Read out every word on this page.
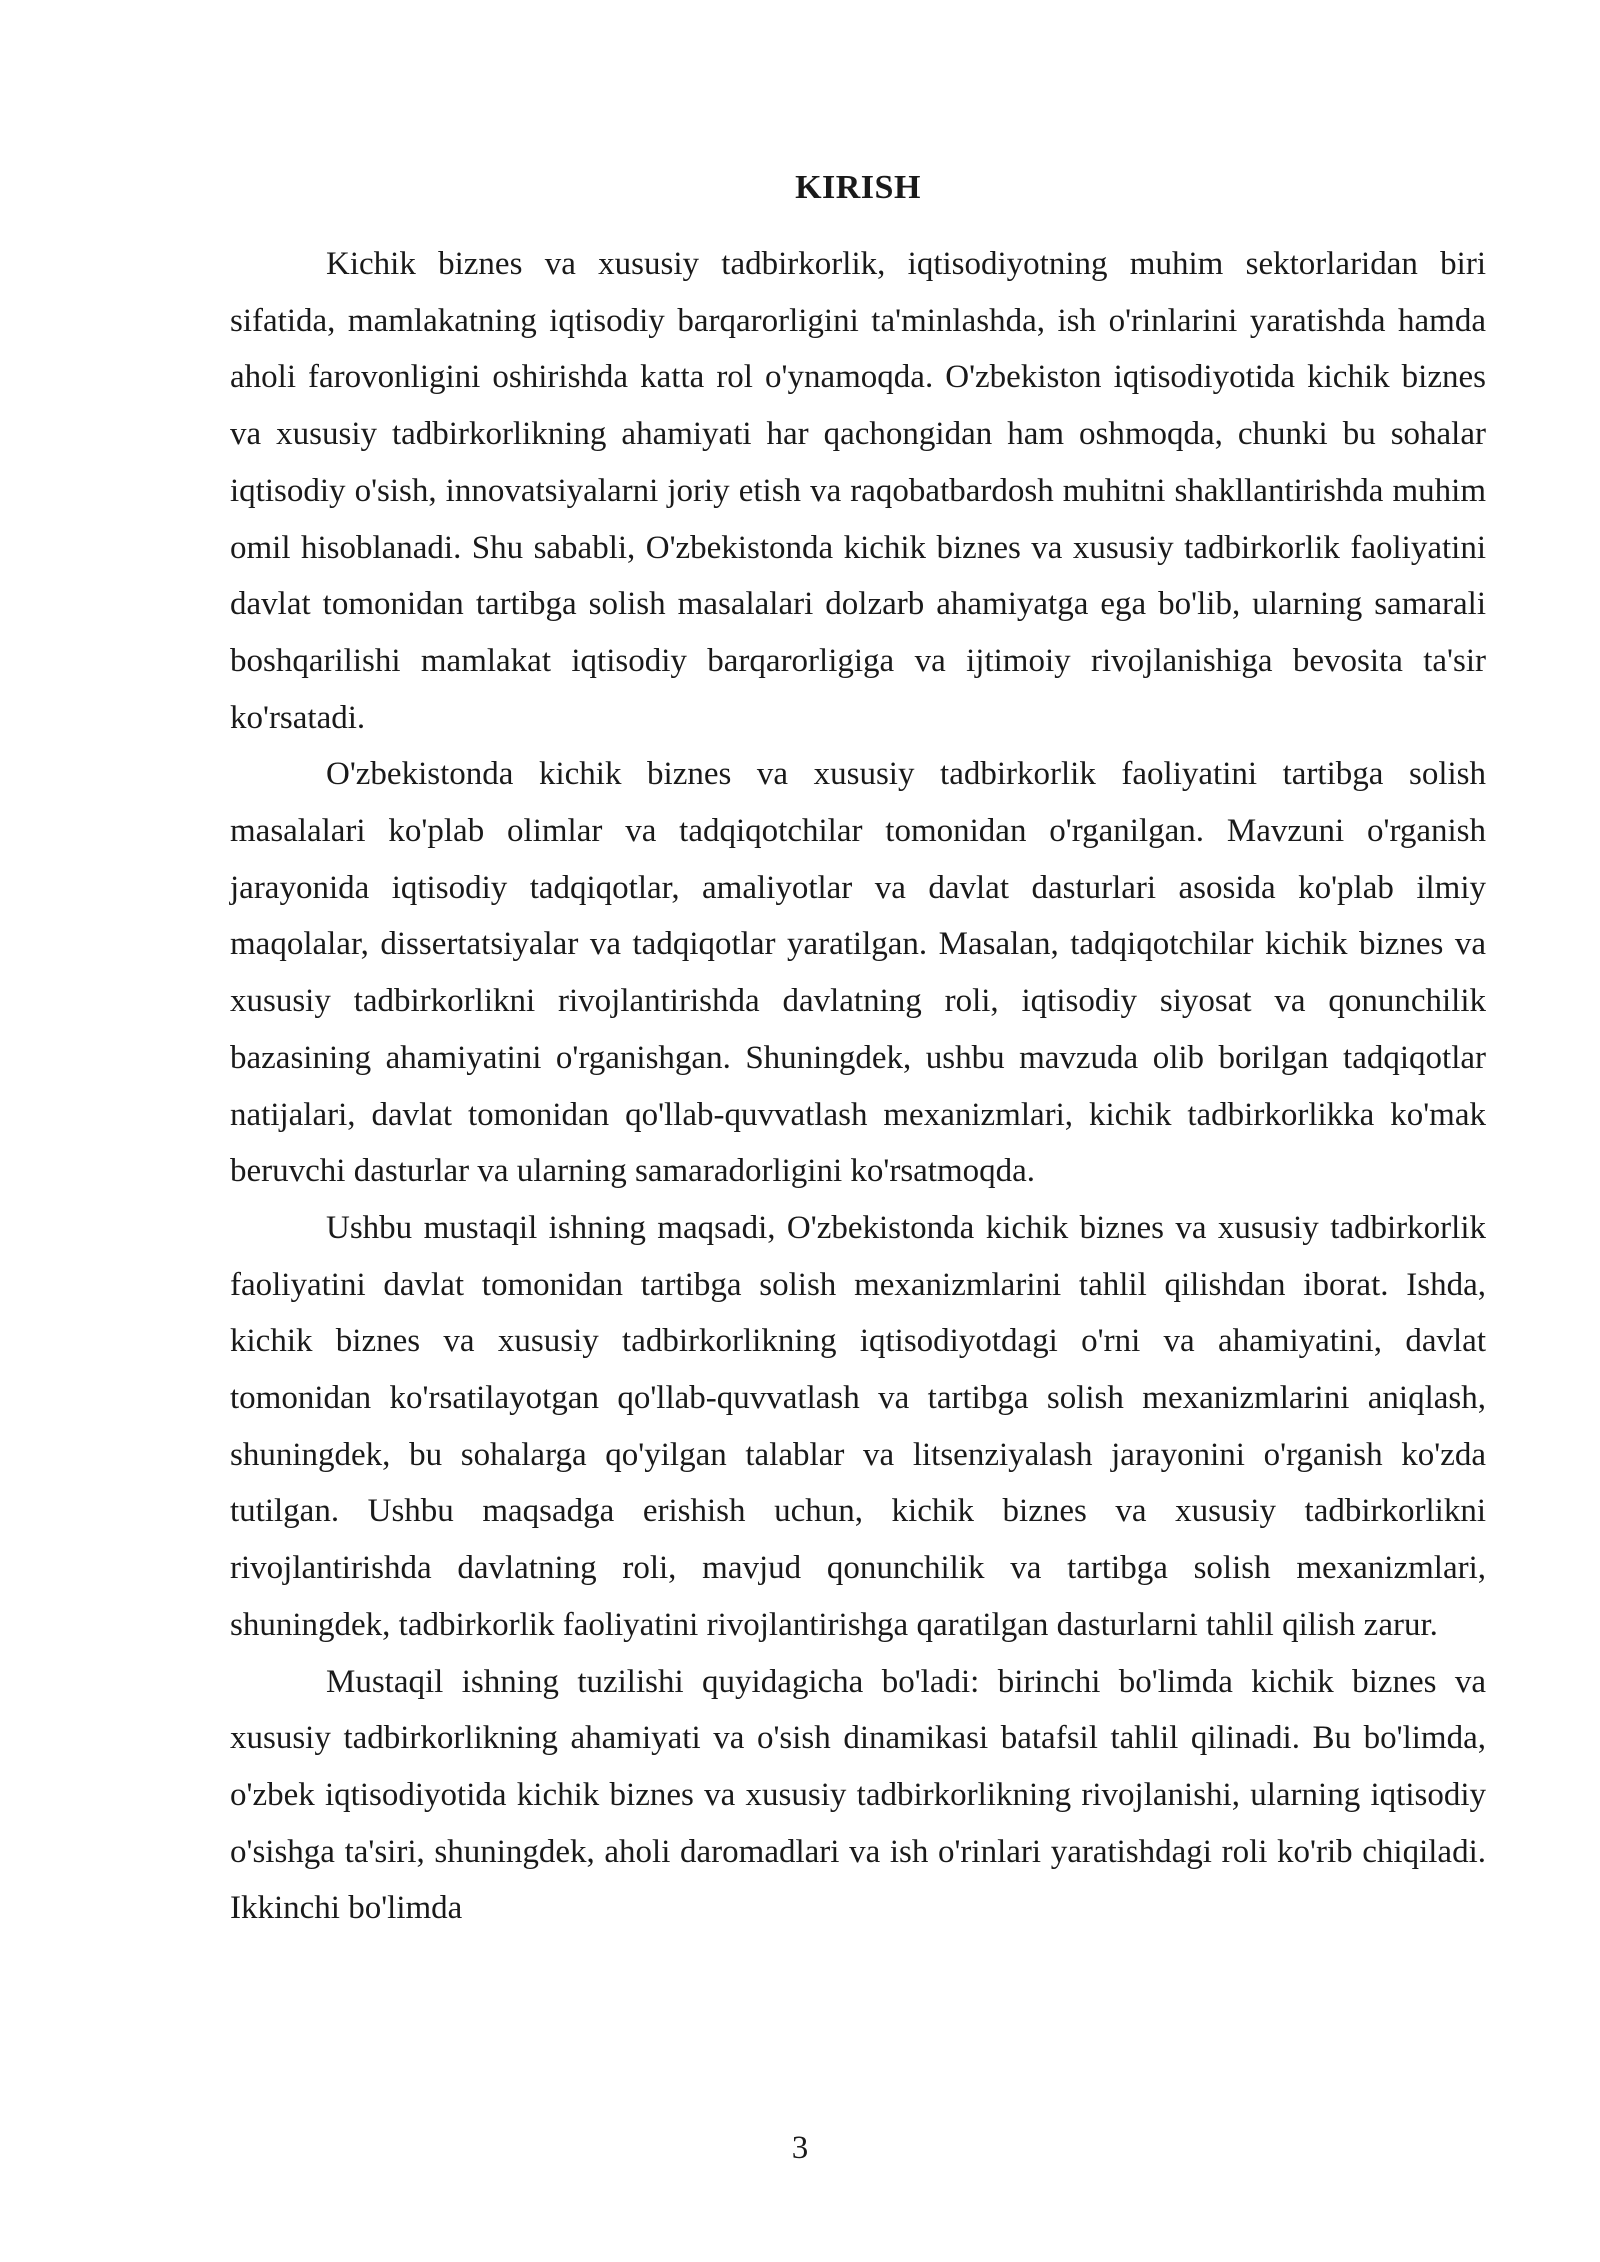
KIRISH

Kichik biznes va xususiy tadbirkorlik, iqtisodiyotning muhim sektorlaridan biri sifatida, mamlakatning iqtisodiy barqarorligini ta'minlashda, ish o'rinlarini yaratishda hamda aholi farovonligini oshirishda katta rol o'ynamoqda. O'zbekiston iqtisodiyotida kichik biznes va xususiy tadbirkorlikning ahamiyati har qachongidan ham oshmoqda, chunki bu sohalar iqtisodiy o'sish, innovatsiyalarni joriy etish va raqobatbardosh muhitni shakllantirishda muhim omil hisoblanadi. Shu sababli, O'zbekistonda kichik biznes va xususiy tadbirkorlik faoliyatini davlat tomonidan tartibga solish masalalari dolzarb ahamiyatga ega bo'lib, ularning samarali boshqarilishi mamlakat iqtisodiy barqarorligiga va ijtimoiy rivojlanishiga bevosita ta'sir ko'rsatadi.

O'zbekistonda kichik biznes va xususiy tadbirkorlik faoliyatini tartibga solish masalalari ko'plab olimlar va tadqiqotchilar tomonidan o'rganilgan. Mavzuni o'rganish jarayonida iqtisodiy tadqiqotlar, amaliyotlar va davlat dasturlari asosida ko'plab ilmiy maqolalar, dissertatsiyalar va tadqiqotlar yaratilgan. Masalan, tadqiqotchilar kichik biznes va xususiy tadbirkorlikni rivojlantirishda davlatning roli, iqtisodiy siyosat va qonunchilik bazasining ahamiyatini o'rganishgan. Shuningdek, ushbu mavzuda olib borilgan tadqiqotlar natijalari, davlat tomonidan qo'llab-quvvatlash mexanizmlari, kichik tadbirkorlikka ko'mak beruvchi dasturlar va ularning samaradorligini ko'rsatmoqda.

Ushbu mustaqil ishning maqsadi, O'zbekistonda kichik biznes va xususiy tadbirkorlik faoliyatini davlat tomonidan tartibga solish mexanizmlarini tahlil qilishdan iborat. Ishda, kichik biznes va xususiy tadbirkorlikning iqtisodiyotdagi o'rni va ahamiyatini, davlat tomonidan ko'rsatilayotgan qo'llab-quvvatlash va tartibga solish mexanizmlarini aniqlash, shuningdek, bu sohalarga qo'yilgan talablar va litsenziyalash jarayonini o'rganish ko'zda tutilgan. Ushbu maqsadga erishish uchun, kichik biznes va xususiy tadbirkorlikni rivojlantirishda davlatning roli, mavjud qonunchilik va tartibga solish mexanizmlari, shuningdek, tadbirkorlik faoliyatini rivojlantirishga qaratilgan dasturlarni tahlil qilish zarur.

Mustaqil ishning tuzilishi quyidagicha bo'ladi: birinchi bo'limda kichik biznes va xususiy tadbirkorlikning ahamiyati va o'sish dinamikasi batafsil tahlil qilinadi. Bu bo'limda, o'zbek iqtisodiyotida kichik biznes va xususiy tadbirkorlikning rivojlanishi, ularning iqtisodiy o'sishga ta'siri, shuningdek, aholi daromadlari va ish o'rinlari yaratishdagi roli ko'rib chiqiladi. Ikkinchi bo'limda

3
